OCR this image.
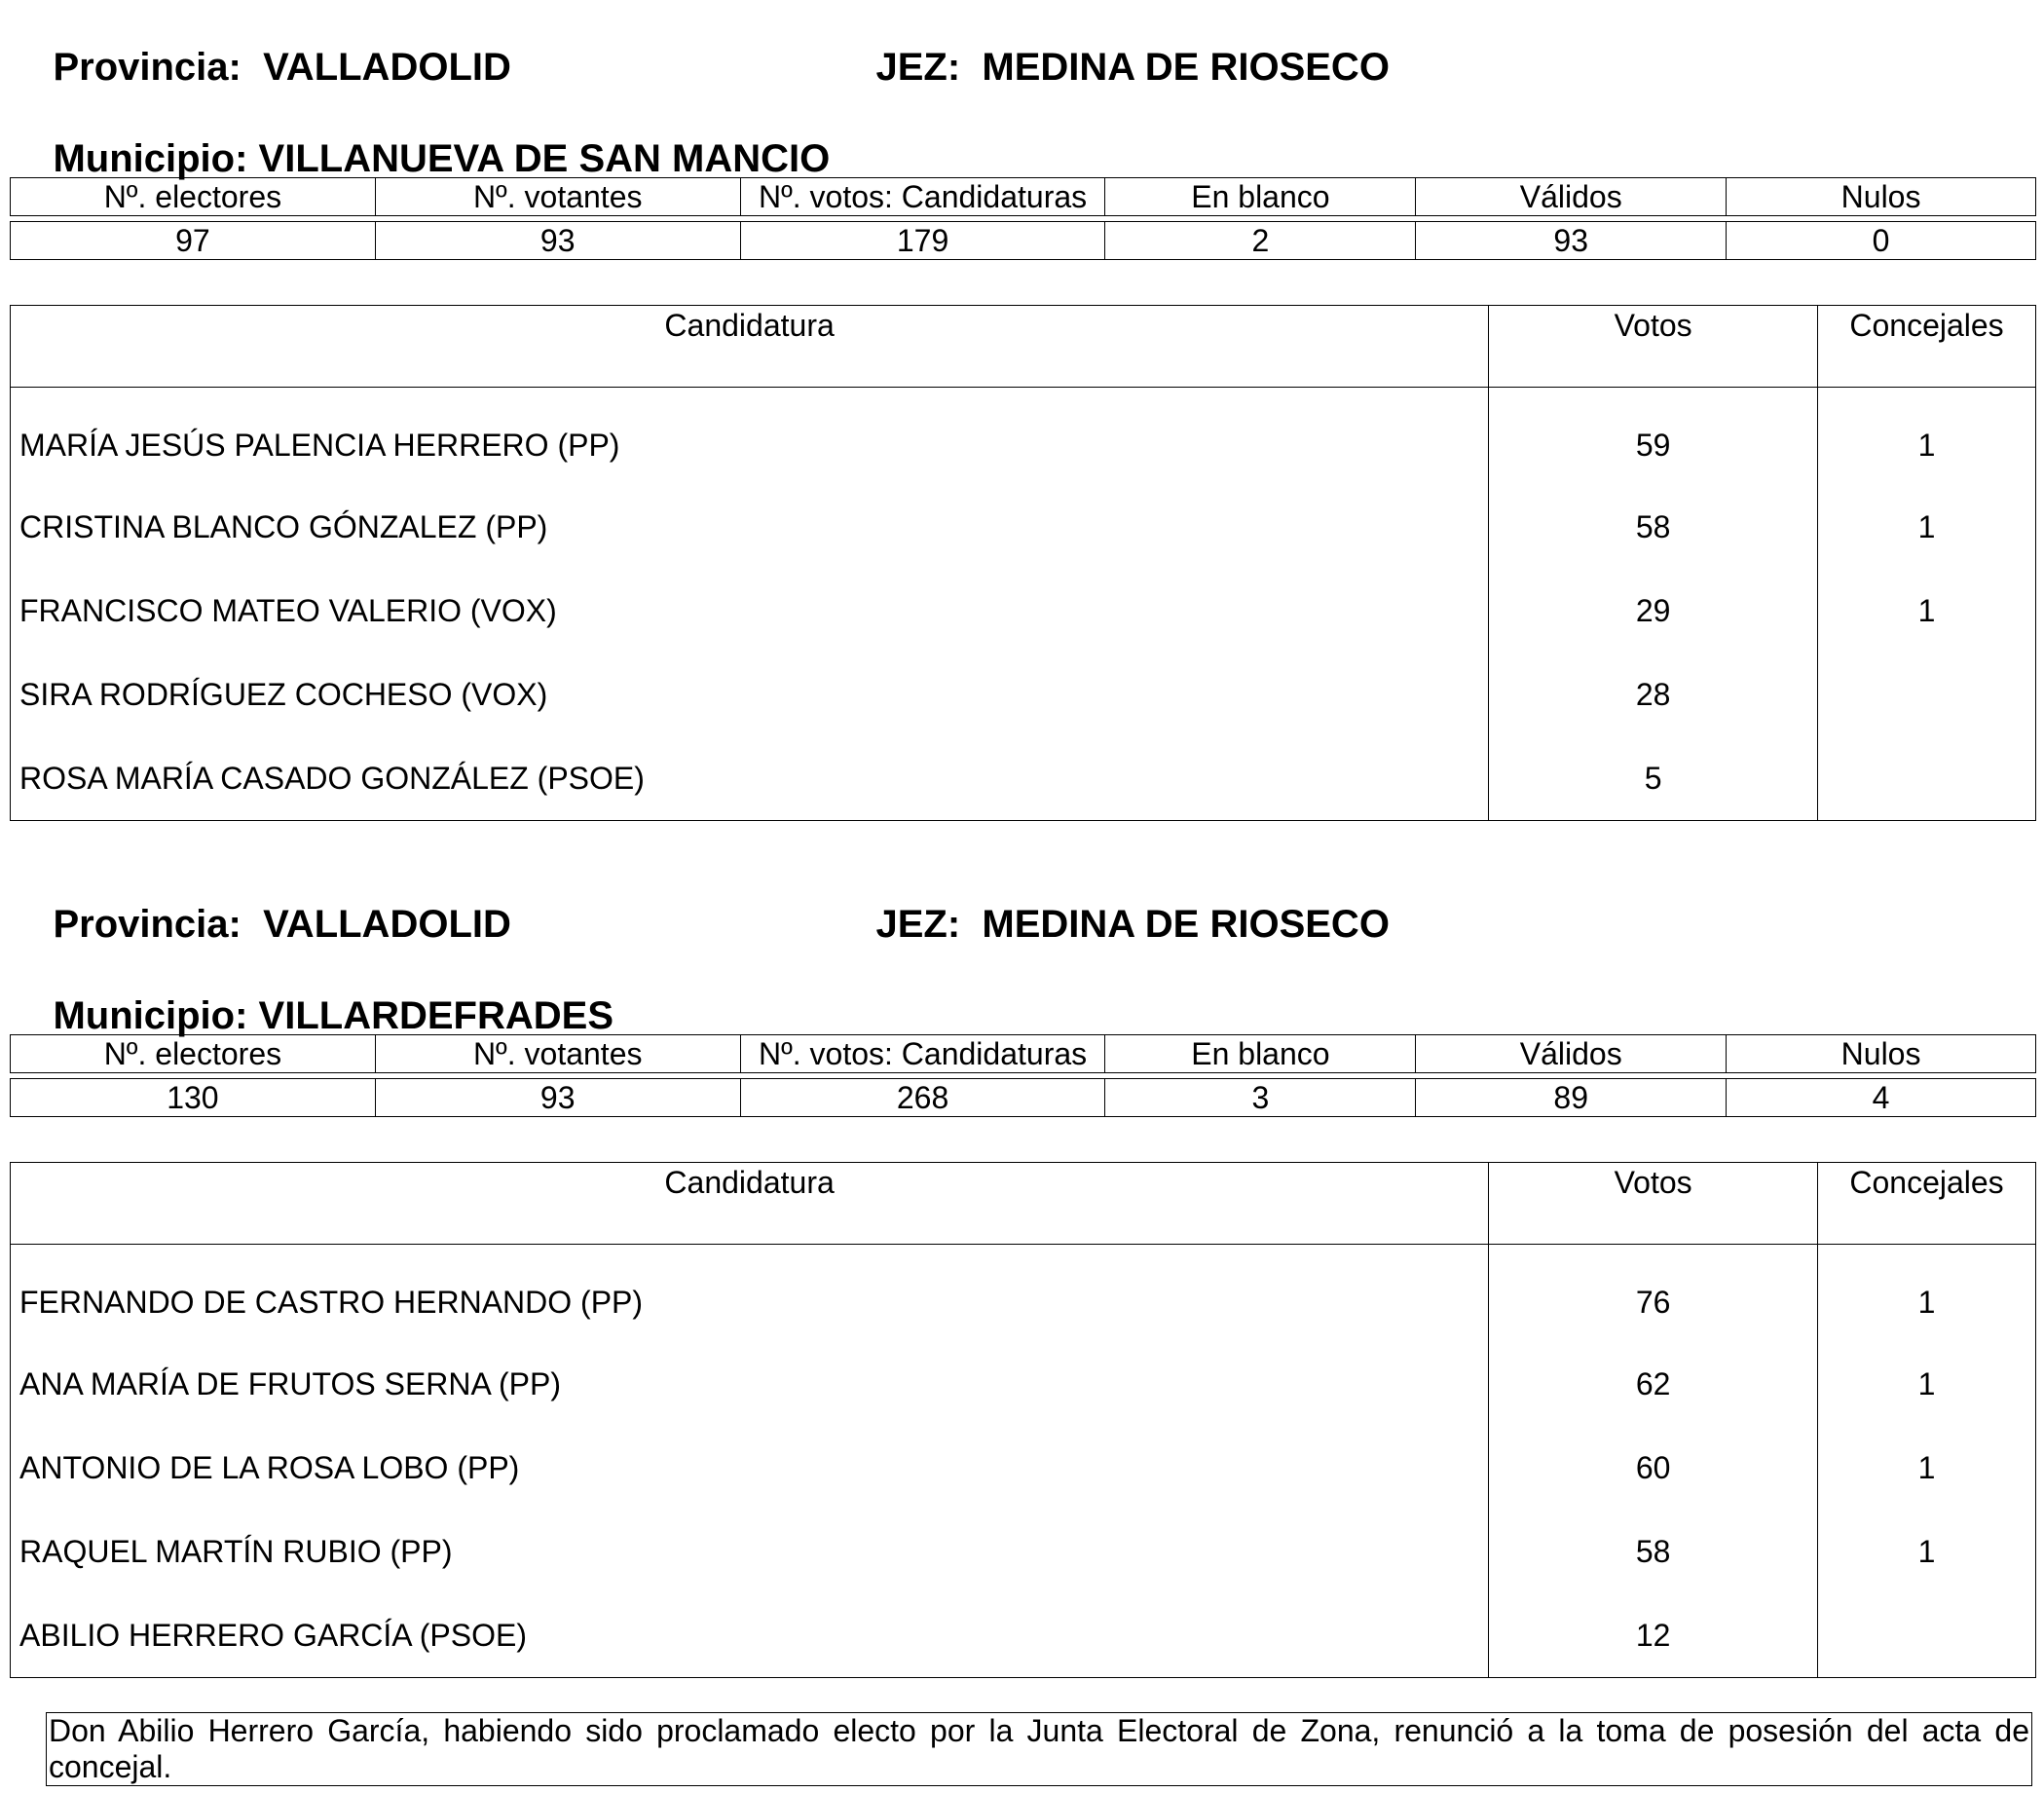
Provincia: VALLADOLID
	JEZ: MEDINA DE RIOSECO

Municipio: VILLANUEVA DE SAN MANCIO

Nº. electores	Nº. votantes	Nº. votos: Candidaturas	En blanco	Válidos	Nulos

97	93	179	2	93	0
Candidatura	Votos	Concejales
MARÍA JESÚS PALENCIA HERRERO (PP)	59	1
CRISTINA BLANCO GÓNZALEZ (PP)	58	1
FRANCISCO MATEO VALERIO (VOX)	29	1
SIRA RODRÍGUEZ COCHESO (VOX)	28	
ROSA MARÍA CASADO GONZÁLEZ (PSOE)	5	

Provincia: VALLADOLID
	JEZ: MEDINA DE RIOSECO

Municipio: VILLARDEFRADES

Nº. electores	Nº. votantes	Nº. votos: Candidaturas	En blanco	Válidos	Nulos

130	93	268	3	89	4
Candidatura	Votos	Concejales
FERNANDO DE CASTRO HERNANDO (PP)	76	1
ANA MARÍA DE FRUTOS SERNA (PP)	62	1
ANTONIO DE LA ROSA LOBO (PP)	60	1
RAQUEL MARTÍN RUBIO (PP)	58	1
ABILIO HERRERO GARCÍA (PSOE)	12	
Don Abilio Herrero García, habiendo sido proclamado electo por la Junta Electoral de Zona, renunció a la toma de posesión del acta de concejal.
